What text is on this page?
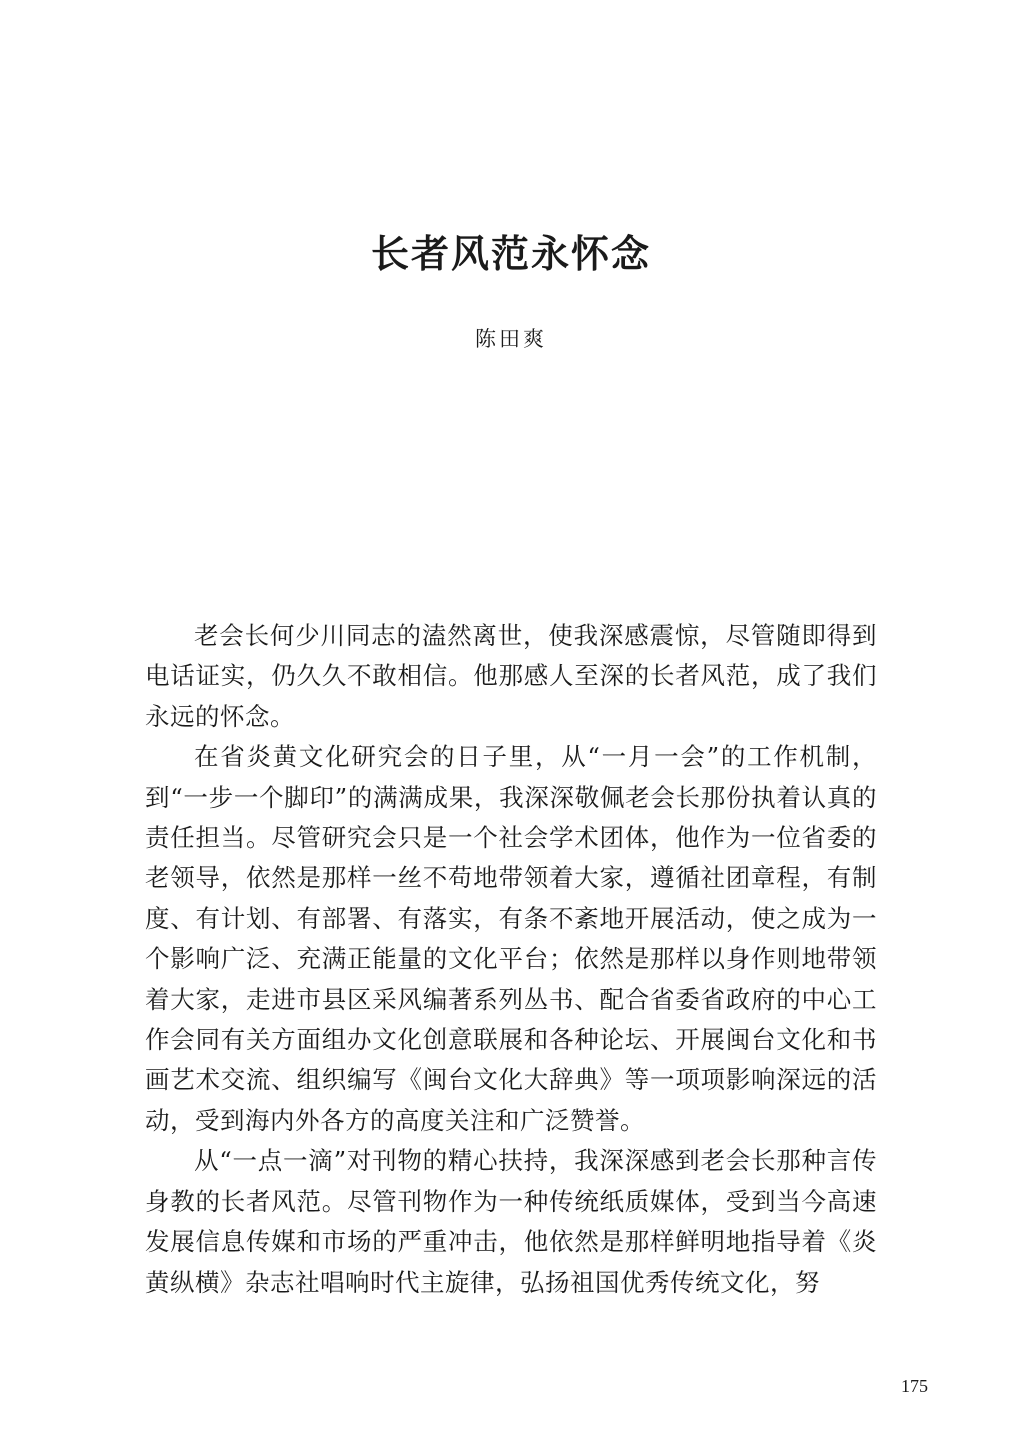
长者风范永怀念
陈田爽

老会长何少川同志的溘然离世，使我深感震惊，尽管随即得到电话证实，仍久久不敢相信。他那感人至深的长者风范，成了我们永远的怀念。

在省炎黄文化研究会的日子里，从“一月一会”的工作机制，到“一步一个脚印”的满满成果，我深深敬佩老会长那份执着认真的责任担当。尽管研究会只是一个社会学术团体，他作为一位省委的老领导，依然是那样一丝不苟地带领着大家，遵循社团章程，有制度、有计划、有部署、有落实，有条不紊地开展活动，使之成为一个影响广泛、充满正能量的文化平台；依然是那样以身作则地带领着大家，走进市县区采风编著系列丛书、配合省委省政府的中心工作会同有关方面组办文化创意联展和各种论坛、开展闽台文化和书画艺术交流、组织编写《闽台文化大辞典》等一项项影响深远的活动，受到海内外各方的高度关注和广泛赞誉。

从“一点一滴”对刊物的精心扶持，我深深感到老会长那种言传身教的长者风范。尽管刊物作为一种传统纸质媒体，受到当今高速发展信息传媒和市场的严重冲击，他依然是那样鲜明地指导着《炎黄纵横》杂志社唱响时代主旋律，弘扬祖国优秀传统文化，努

175
